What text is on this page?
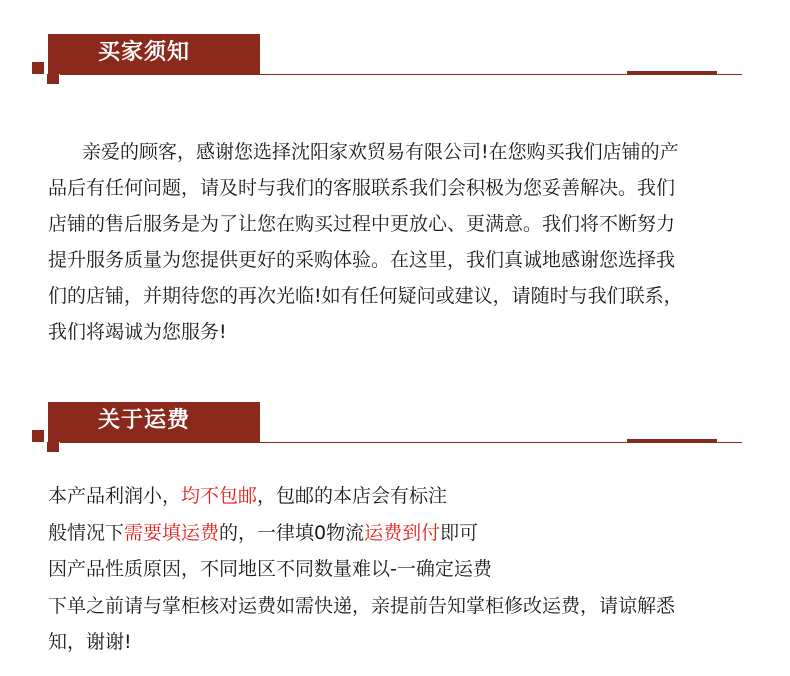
买家须知

亲爱的顾客，感谢您选择沈阳家欢贸易有限公司!在您购买我们店铺的产

品后有任何问题，请及时与我们的客服联系我们会积极为您妥善解决。我们

店铺的售后服务是为了让您在购买过程中更放心、更满意。我们将不断努力

提升服务质量为您提供更好的采购体验。在这里，我们真诚地感谢您选择我

们的店铺，并期待您的再次光临!如有任何疑问或建议，请随时与我们联系，

我们将竭诚为您服务!

关于运费

本产品利润小，均不包邮，包邮的本店会有标注

般情况下需要填运费的，一律填0物流运费到付即可

因产品性质原因，不同地区不同数量难以-一确定运费

下单之前请与掌柜核对运费如需快递，亲提前告知掌柜修改运费，请谅解悉

知，谢谢!
